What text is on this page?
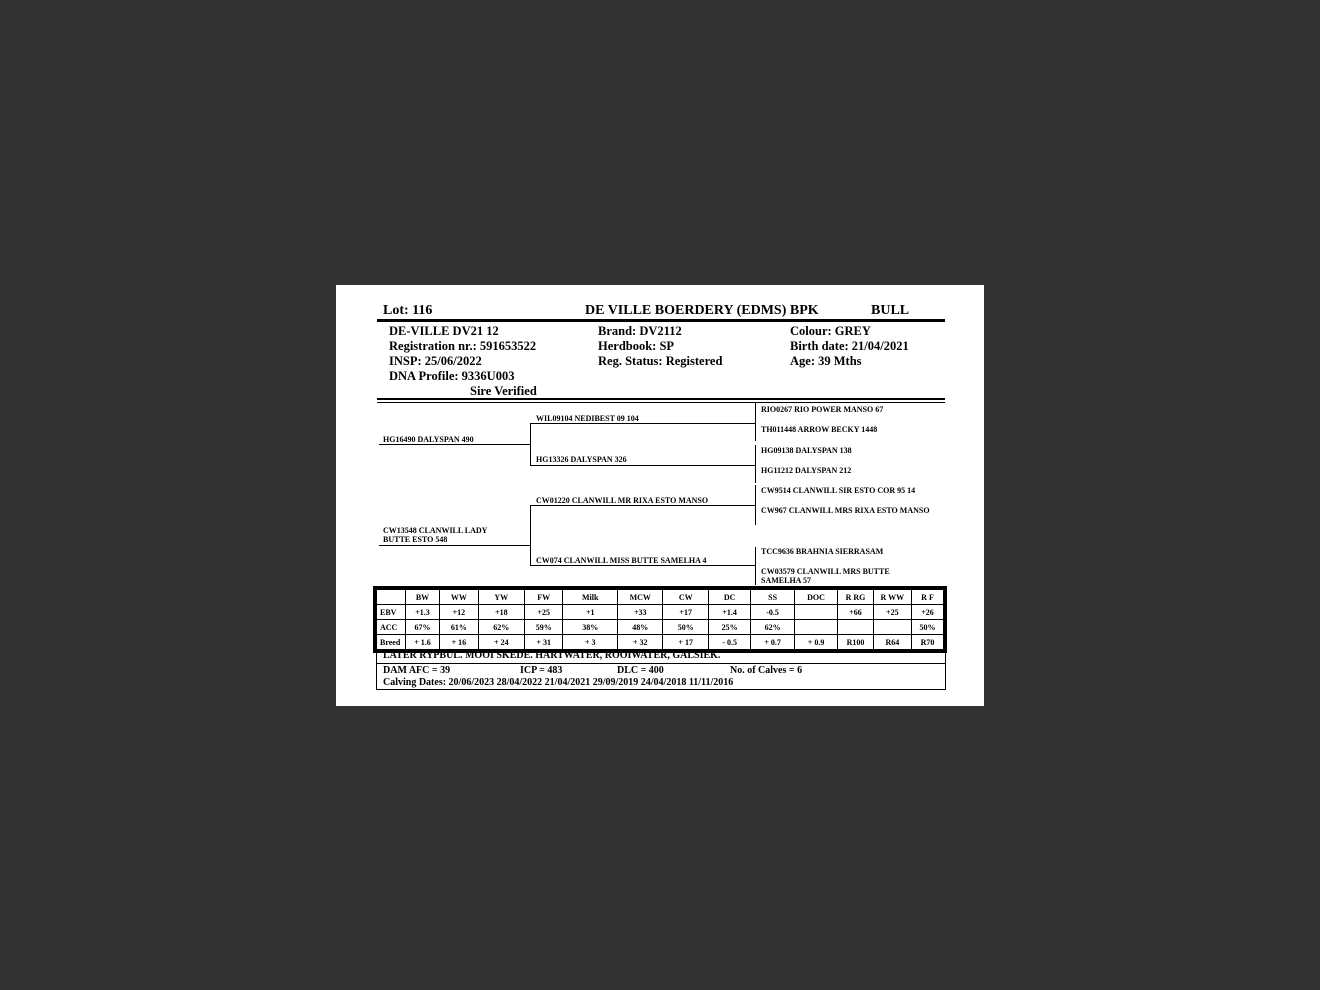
Lot: 116	DE VILLE BOERDERY (EDMS) BPK	BULL
DE-VILLE DV21 12
Registration nr.: 591653522
INSP: 25/06/2022
DNA Profile: 9336U003
Sire Verified
Brand: DV2112
Herdbook: SP
Reg. Status: Registered
Colour: GREY
Birth date: 21/04/2021
Age: 39 Mths
HG16490 DALYSPAN 490
CW13548 CLANWILL LADY BUTTE ESTO 548
WIL09104 NEDIBEST 09 104
HG13326 DALYSPAN 326
CW01220 CLANWILL MR RIXA ESTO MANSO
CW074 CLANWILL MISS BUTTE SAMELHA 4
RIO0267 RIO POWER MANSO 67
TH011448 ARROW BECKY 1448
HG09138 DALYSPAN 138
HG11212 DALYSPAN 212
CW9514 CLANWILL SIR ESTO COR 95 14
CW967 CLANWILL MRS RIXA ESTO MANSO
TCC9636 BRAHNIA SIERRASAM
CW03579 CLANWILL MRS BUTTE SAMELHA 57
	BW	WW	YW	FW	Milk	MCW	CW	DC	SS	DOC	R RG	R WW	R F
EBV	+1.3	+12	+18	+25	+1	+33	+17	+1.4	-0.5		+66	+25	+26
ACC	67%	61%	62%	59%	38%	48%	50%	25%	62%				50%
Breed	+ 1.6	+ 16	+ 24	+ 31	+ 3	+ 32	+ 17	- 0.5	+ 0.7	+ 0.9	R100	R64	R70
LATER RYPBUL. MOOI SKEDE. HARTWATER, ROOIWATER, GALSIEK.
DAM AFC = 39	ICP = 483	DLC = 400	No. of Calves = 6
Calving Dates: 20/06/2023 28/04/2022 21/04/2021 29/09/2019 24/04/2018 11/11/2016
